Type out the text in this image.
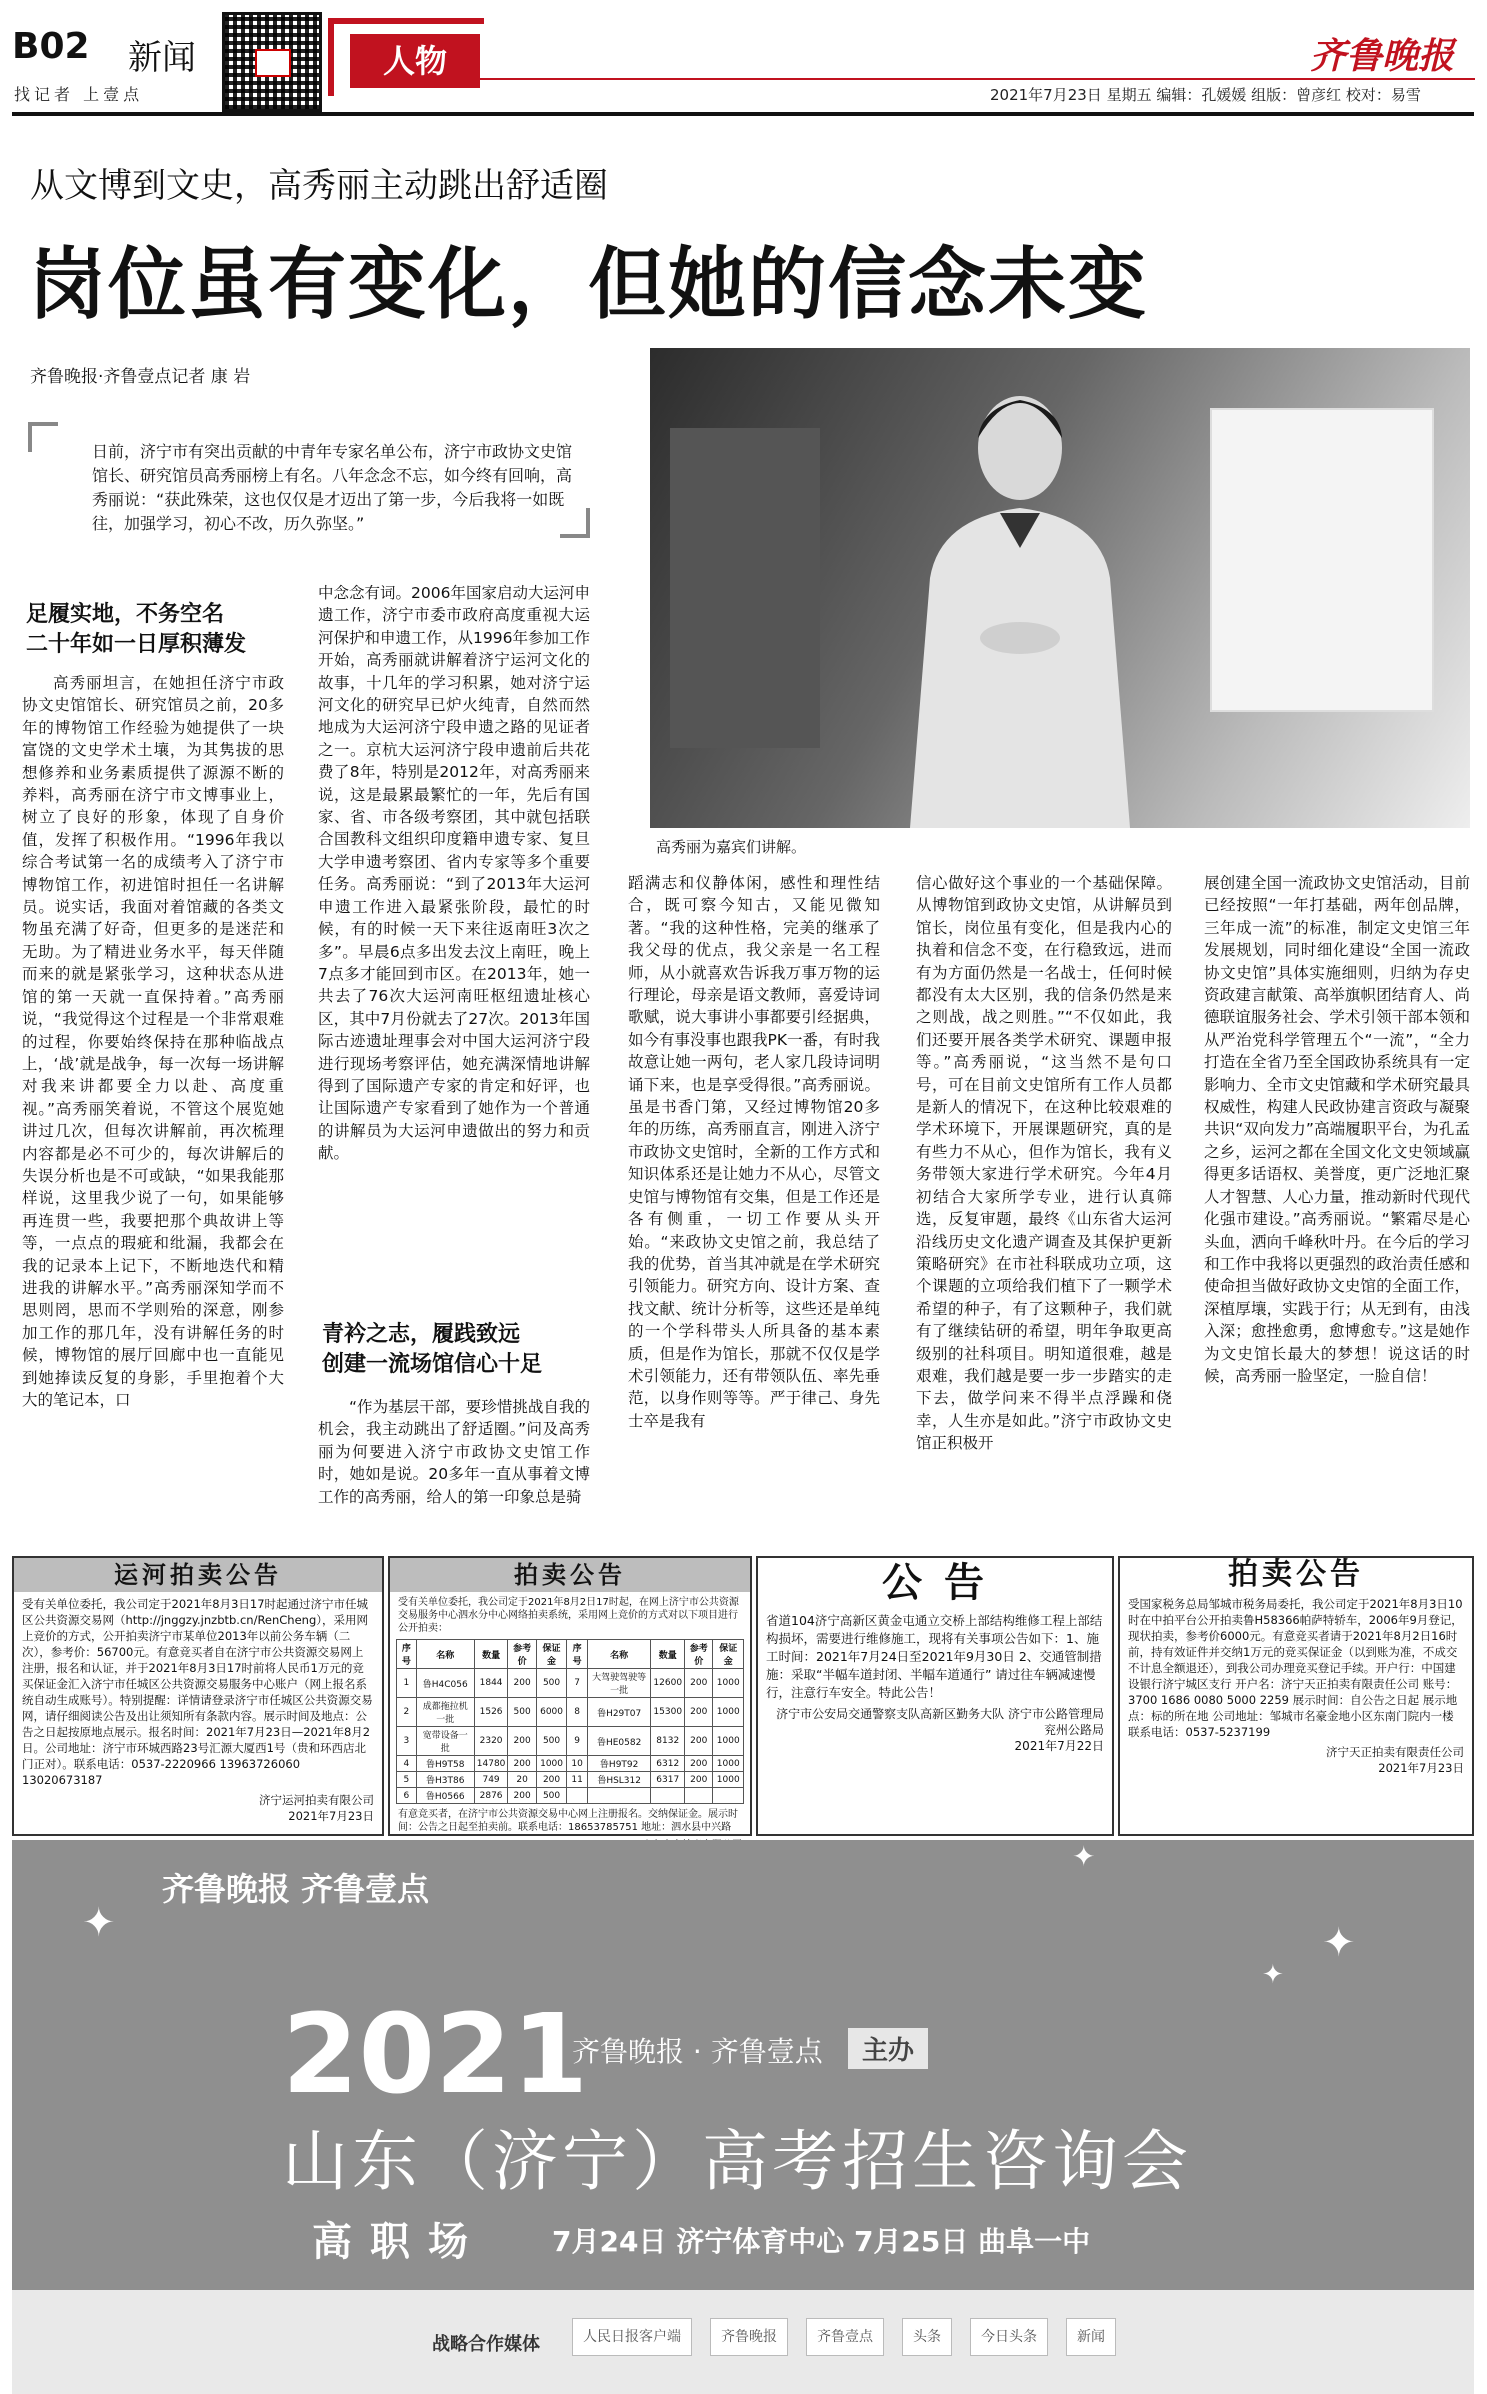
B02 新闻	人物
找记者 上壹点
齐鲁晚报
2021年7月23日 星期五 编辑：孔媛媛 组版：曾彦红 校对：易雪
从文博到文史，高秀丽主动跳出舒适圈
岗位虽有变化，但她的信念未变
齐鲁晚报·齐鲁壹点记者 康 岩
日前，济宁市有突出贡献的中青年专家名单公布，济宁市政协文史馆馆长、研究馆员高秀丽榜上有名。八年念念不忘，如今终有回响，高秀丽说：“获此殊荣，这也仅仅是才迈出了第一步，今后我将一如既往，加强学习，初心不改，历久弥坚。”
高秀丽为嘉宾们讲解。
足履实地，不务空名
二十年如一日厚积薄发
高秀丽坦言，在她担任济宁市政协文史馆馆长、研究馆员之前，20多年的博物馆工作经验为她提供了一块富饶的文史学术土壤，为其隽拔的思想修养和业务素质提供了源源不断的养料，高秀丽在济宁市文博事业上，树立了良好的形象，体现了自身价值，发挥了积极作用。“1996年我以综合考试第一名的成绩考入了济宁市博物馆工作，初进馆时担任一名讲解员。说实话，我面对着馆藏的各类文物虽充满了好奇，但更多的是迷茫和无助。为了精进业务水平，每天伴随而来的就是紧张学习，这种状态从进馆的第一天就一直保持着。”高秀丽说，“我觉得这个过程是一个非常艰难的过程，你要始终保持在那种临战点上，‘战’就是战争，每一次每一场讲解对我来讲都要全力以赴、高度重视。”高秀丽笑着说，不管这个展览她讲过几次，但每次讲解前，再次梳理内容都是必不可少的，每次讲解后的失误分析也是不可或缺，“如果我能那样说，这里我少说了一句，如果能够再连贯一些，我要把那个典故讲上等等，一点点的瑕疵和纰漏，我都会在我的记录本上记下，不断地迭代和精进我的讲解水平。”高秀丽深知学而不思则罔，思而不学则殆的深意，刚参加工作的那几年，没有讲解任务的时候，博物馆的展厅回廊中也一直能见到她捧读反复的身影，手里抱着个大大的笔记本，口
中念念有词。2006年国家启动大运河申遗工作，济宁市委市政府高度重视大运河保护和申遗工作，从1996年参加工作开始，高秀丽就讲解着济宁运河文化的故事，十几年的学习积累，她对济宁运河文化的研究早已炉火纯青，自然而然地成为大运河济宁段申遗之路的见证者之一。京杭大运河济宁段申遗前后共花费了8年，特别是2012年，对高秀丽来说，这是最累最繁忙的一年，先后有国家、省、市各级考察团，其中就包括联合国教科文组织印度籍申遗专家、复旦大学申遗考察团、省内专家等多个重要任务。高秀丽说：“到了2013年大运河申遗工作进入最紧张阶段，最忙的时候，有的时候一天下来往返南旺3次之多”。早晨6点多出发去汶上南旺，晚上7点多才能回到市区。在2013年，她一共去了76次大运河南旺枢纽遗址核心区，其中7月份就去了27次。2013年国际古迹遗址理事会对中国大运河济宁段进行现场考察评估，她充满深情地讲解得到了国际遗产专家的肯定和好评，也让国际遗产专家看到了她作为一个普通的讲解员为大运河申遗做出的努力和贡献。
青衿之志，履践致远
创建一流场馆信心十足
“作为基层干部，要珍惜挑战自我的机会，我主动跳出了舒适圈。”问及高秀丽为何要进入济宁市政协文史馆工作时，她如是说。20多年一直从事着文博工作的高秀丽，给人的第一印象总是骑
蹈满志和仪静体闲，感性和理性结合，既可察今知古，又能见微知著。“我的这种性格，完美的继承了我父母的优点，我父亲是一名工程师，从小就喜欢告诉我万事万物的运行理论，母亲是语文教师，喜爱诗词歌赋，说大事讲小事都要引经据典，如今有事没事也跟我PK一番，有时我故意让她一两句，老人家几段诗词明诵下来，也是享受得很。”高秀丽说。虽是书香门第，又经过博物馆20多年的历练，高秀丽直言，刚进入济宁市政协文史馆时，全新的工作方式和知识体系还是让她力不从心，尽管文史馆与博物馆有交集，但是工作还是各有侧重，一切工作要从头开始。“来政协文史馆之前，我总结了我的优势，首当其冲就是在学术研究引领能力。研究方向、设计方案、查找文献、统计分析等，这些还是单纯的一个学科带头人所具备的基本素质，但是作为馆长，那就不仅仅是学术引领能力，还有带领队伍、率先垂范，以身作则等等。严于律己、身先士卒是我有
信心做好这个事业的一个基础保障。从博物馆到政协文史馆，从讲解员到馆长，岗位虽有变化，但是我内心的执着和信念不变，在行稳致远，进而有为方面仍然是一名战士，任何时候都没有太大区别，我的信条仍然是来之则战，战之则胜。”“不仅如此，我们还要开展各类学术研究、课题申报等。”高秀丽说，“这当然不是句口号，可在目前文史馆所有工作人员都是新人的情况下，在这种比较艰难的学术环境下，开展课题研究，真的是有些力不从心，但作为馆长，我有义务带领大家进行学术研究。今年4月初结合大家所学专业，进行认真筛选，反复审题，最终《山东省大运河沿线历史文化遗产调查及其保护更新策略研究》在市社科联成功立项，这个课题的立项给我们植下了一颗学术希望的种子，有了这颗种子，我们就有了继续钻研的希望，明年争取更高级别的社科项目。明知道很难，越是艰难，我们越是要一步一步踏实的走下去，做学问来不得半点浮躁和侥幸，人生亦是如此。”济宁市政协文史馆正积极开
展创建全国一流政协文史馆活动，目前已经按照“一年打基础，两年创品牌，三年成一流”的标准，制定文史馆三年发展规划，同时细化建设“全国一流政协文史馆”具体实施细则，归纳为存史资政建言献策、高举旗帜团结育人、尚德联谊服务社会、学术引领干部本领和从严治党科学管理五个“一流”，“全力打造在全省乃至全国政协系统具有一定影响力、全市文史馆藏和学术研究最具权威性，构建人民政协建言资政与凝聚共识“双向发力”高端履职平台，为孔孟之乡，运河之都在全国文化文史领域赢得更多话语权、美誉度，更广泛地汇聚人才智慧、人心力量，推动新时代现代化强市建设。”高秀丽说。“繁霜尽是心头血，洒向千峰秋叶丹。在今后的学习和工作中我将以更强烈的政治责任感和使命担当做好政协文史馆的全面工作，深植厚壤，实践于行；从无到有，由浅入深；愈挫愈勇，愈博愈专。”这是她作为文史馆长最大的梦想！说这话的时候，高秀丽一脸坚定，一脸自信！
运河拍卖公告
受有关单位委托，我公司定于2021年8月3日17时起通过济宁市任城区公共资源交易网（http://jnggzy.jnzbtb.cn/RenCheng），采用网上竞价的方式，公开拍卖济宁市某单位2013年以前公务车辆（二次），参考价：56700元。有意竞买者自在济宁市公共资源交易网上注册，报名和认证，并于2021年8月3日17时前将人民币1万元的竞买保证金汇入济宁市任城区公共资源交易服务中心账户（网上报名系统自动生成账号）。特别提醒：详情请登录济宁市任城区公共资源交易网，请仔细阅读公告及出让须知所有条款内容。展示时间及地点：公告之日起按原地点展示。报名时间：2021年7月23日—2021年8月2日。公司地址：济宁市环城西路23号汇源大厦西1号（贵和环西店北门正对）。联系电话：0537-2220966 13963726060 13020673187
济宁运河拍卖有限公司
2021年7月23日
拍卖公告
受有关单位委托，我公司定于2021年8月2日17时起，在网上济宁市公共资源交易服务中心泗水分中心网络拍卖系统，采用网上竞价的方式对以下项目进行公开拍卖：
序号	名称	数量	参考价	保证金	序号	名称	数量	参考价	保证金
1	鲁H4C056	1844	200	500	7	大驾驶驾驶等一批	12600	200	1000
2	成都拖拉机一批	1526	500	6000	8	鲁H29T07	15300	200	1000
3	宽带设备一批	2320	200	500	9	鲁HE0582	8132	200	1000
4	鲁H9T58	14780	200	1000	10	鲁H9T92	6312	200	1000
5	鲁H3T86	749	20	200	11	鲁HSL312	6317	200	1000
6	鲁H0566	2876	200	500					
有意竞买者，在济宁市公共资源交易中心网上注册报名。交纳保证金。展示时间：公告之日起至拍卖前。联系电话：18653785751 地址：泗水县中兴路
公 告
省道104济宁高新区黄金屯通立交桥上部结构维修工程上部结构损坏，需要进行维修施工，现将有关事项公告如下：1、施工时间：2021年7月24日至2021年9月30日 2、交通管制措施：采取“半幅车道封闭、半幅车道通行” 请过往车辆减速慢行，注意行车安全。特此公告！
济宁市公安局交通警察支队高新区勤务大队 济宁市公路管理局兖州公路局
2021年7月22日
拍卖公告
受国家税务总局邹城市税务局委托，我公司定于2021年8月3日10时在中拍平台公开拍卖鲁H58366帕萨特轿车，2006年9月登记，现状拍卖，参考价6000元。有意竞买者请于2021年8月2日16时前，持有效证件并交纳1万元的竞买保证金（以到账为准，不成交不计息全额退还），到我公司办理竞买登记手续。开户行：中国建设银行济宁城区支行 开户名：济宁天正拍卖有限责任公司 账号：3700 1686 0080 5000 2259 展示时间：自公告之日起 展示地点：标的所在地 公司地址：邹城市名豪金地小区东南门院内一楼 联系电话：0537-5237199
济宁天正拍卖有限责任公司
2021年7月23日
✦
✦
✦
✦
齐鲁晚报 齐鲁壹点
2021
齐鲁晚报 · 齐鲁壹点	主办
山东（济宁）高考招生咨询会
高职场 7月24日 济宁体育中心 7月25日 曲阜一中
战略合作媒体	人民日报客户端	齐鲁晚报	齐鲁壹点	头条	今日头条	新闻
